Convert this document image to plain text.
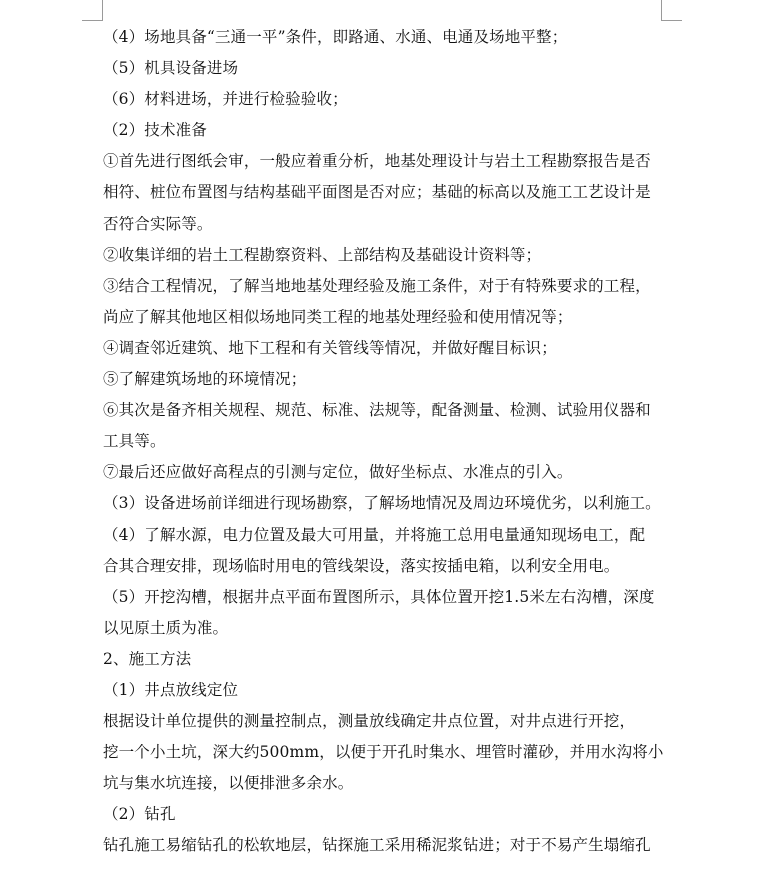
（4）场地具备“三通一平”条件，即路通、水通、电通及场地平整；
（5）机具设备进场
（6）材料进场，并进行检验验收；
（2）技术准备
①首先进行图纸会审，一般应着重分析，地基处理设计与岩土工程勘察报告是否
相符、桩位布置图与结构基础平面图是否对应；基础的标高以及施工工艺设计是
否符合实际等。
②收集详细的岩土工程勘察资料、上部结构及基础设计资料等；
③结合工程情况，了解当地地基处理经验及施工条件，对于有特殊要求的工程，
尚应了解其他地区相似场地同类工程的地基处理经验和使用情况等；
④调查邻近建筑、地下工程和有关管线等情况，并做好醒目标识；
⑤了解建筑场地的环境情况；
⑥其次是备齐相关规程、规范、标准、法规等，配备测量、检测、试验用仪器和
工具等。
⑦最后还应做好高程点的引测与定位，做好坐标点、水准点的引入。
（3）设备进场前详细进行现场勘察，了解场地情况及周边环境优劣，以利施工。
（4）了解水源，电力位置及最大可用量，并将施工总用电量通知现场电工，配
合其合理安排，现场临时用电的管线架设，落实按插电箱，以利安全用电。
（5）开挖沟槽，根据井点平面布置图所示，具体位置开挖1.5米左右沟槽，深度
以见原土质为准。
2、施工方法
（1）井点放线定位
根据设计单位提供的测量控制点，测量放线确定井点位置，对井点进行开挖，
挖一个小土坑，深大约500mm，以便于开孔时集水、埋管时灌砂，并用水沟将小
坑与集水坑连接，以便排泄多余水。
（2）钻孔
钻孔施工易缩钻孔的松软地层，钻探施工采用稀泥浆钻进；对于不易产生塌缩孔
